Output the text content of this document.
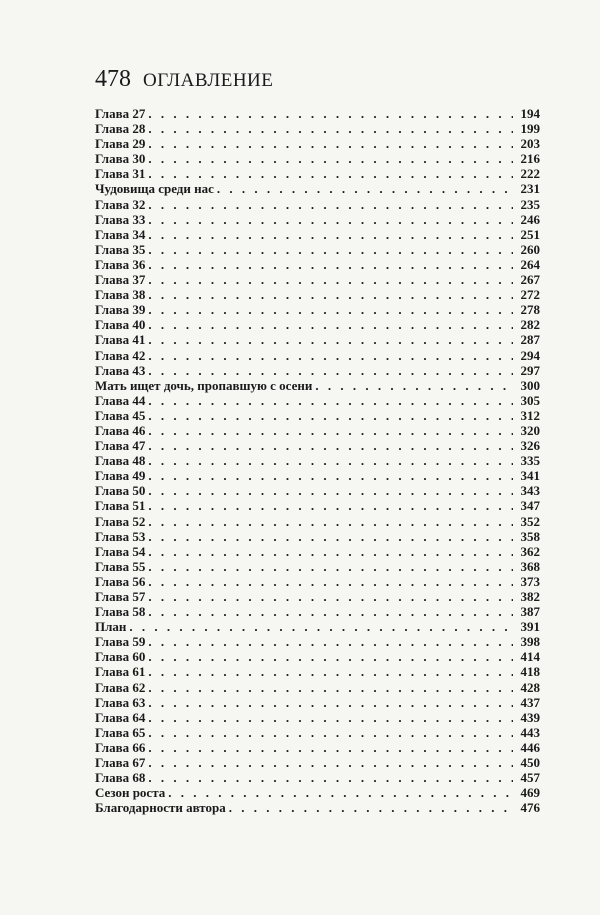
478 ОГЛАВЛЕНИЕ
Глава 27 . . .	194
Глава 28 . . .	199
Глава 29 . . .	203
Глава 30 . . .	216
Глава 31 . . .	222
Чудовища среди нас . . .	231
Глава 32 . . .	235
Глава 33 . . .	246
Глава 34 . . .	251
Глава 35 . . .	260
Глава 36 . . .	264
Глава 37 . . .	267
Глава 38 . . .	272
Глава 39 . . .	278
Глава 40 . . .	282
Глава 41 . . .	287
Глава 42 . . .	294
Глава 43 . . .	297
Мать ищет дочь, пропавшую с осени . . .	300
Глава 44 . . .	305
Глава 45 . . .	312
Глава 46 . . .	320
Глава 47 . . .	326
Глава 48 . . .	335
Глава 49 . . .	341
Глава 50 . . .	343
Глава 51 . . .	347
Глава 52 . . .	352
Глава 53 . . .	358
Глава 54 . . .	362
Глава 55 . . .	368
Глава 56 . . .	373
Глава 57 . . .	382
Глава 58 . . .	387
План . . .	391
Глава 59 . . .	398
Глава 60 . . .	414
Глава 61 . . .	418
Глава 62 . . .	428
Глава 63 . . .	437
Глава 64 . . .	439
Глава 65 . . .	443
Глава 66 . . .	446
Глава 67 . . .	450
Глава 68 . . .	457
Сезон роста . . .	469
Благодарности автора . . .	476
